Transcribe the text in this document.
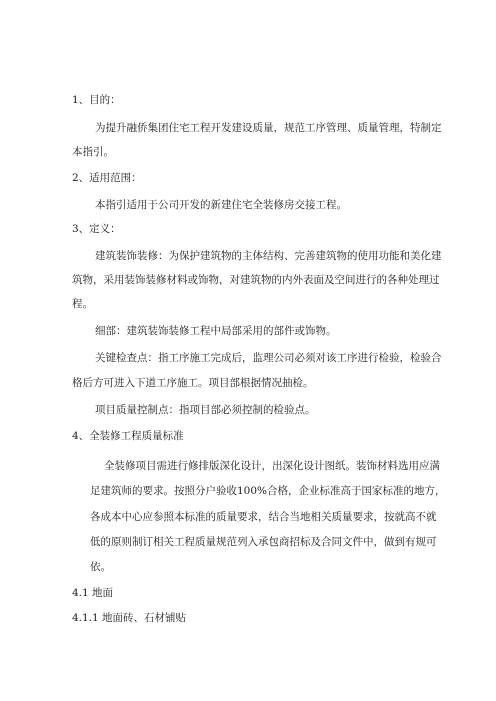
1、目的：
为提升融侨集团住宅工程开发建设质量，规范工序管理、质量管理，特制定
本指引。
2、适用范围：
本指引适用于公司开发的新建住宅全装修房交接工程。
3、定义：
建筑装饰装修：为保护建筑物的主体结构、完善建筑物的使用功能和美化建
筑物，采用装饰装修材料或饰物，对建筑物的内外表面及空间进行的各种处理过
程。
细部：建筑装饰装修工程中局部采用的部件或饰物。
关键检查点：指工序施工完成后，监理公司必须对该工序进行检验，检验合
格后方可进入下道工序施工。项目部根据情况抽检。
项目质量控制点：指项目部必须控制的检验点。
4、全装修工程质量标准
全装修项目需进行修排版深化设计，出深化设计图纸。装饰材料选用应满
足建筑师的要求。按照分户验收100%合格，企业标准高于国家标准的地方，
各成本中心应参照本标准的质量要求，结合当地相关质量要求，按就高不就
低的原则制订相关工程质量规范列入承包商招标及合同文件中，做到有规可
依。
4.1 地面
4.1.1 地面砖、石材铺贴
